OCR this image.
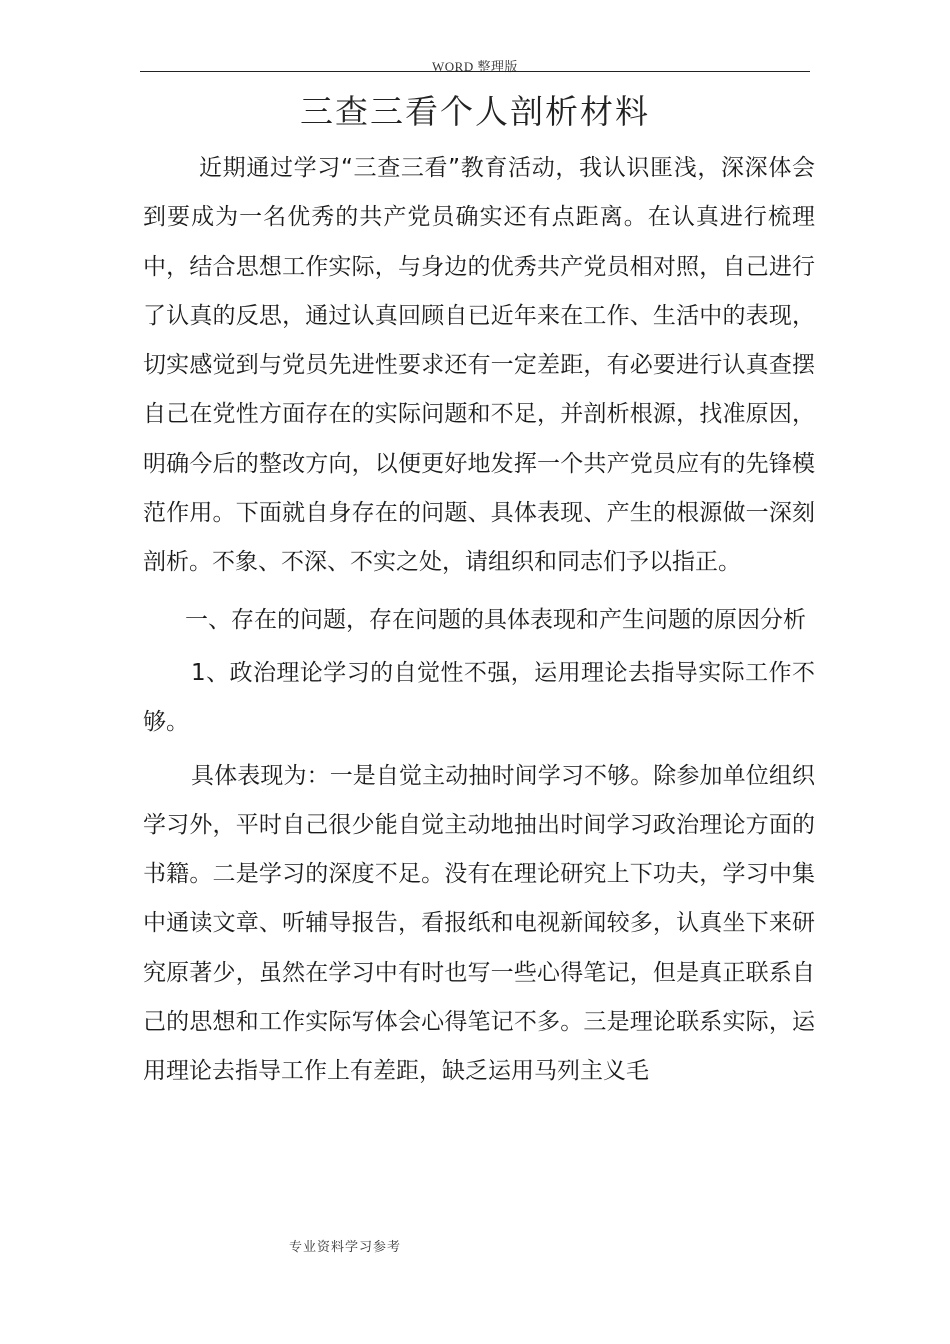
WORD 整理版
三查三看个人剖析材料

近期通过学习“三查三看”教育活动，我认识匪浅，深深体会到要成为一名优秀的共产党员确实还有点距离。在认真进行梳理中，结合思想工作实际，与身边的优秀共产党员相对照，自己进行了认真的反思，通过认真回顾自已近年来在工作、生活中的表现，切实感觉到与党员先进性要求还有一定差距，有必要进行认真查摆自己在党性方面存在的实际问题和不足，并剖析根源，找准原因，明确今后的整改方向，以便更好地发挥一个共产党员应有的先锋模范作用。下面就自身存在的问题、具体表现、产生的根源做一深刻剖析。不象、不深、不实之处，请组织和同志们予以指正。

一、存在的问题，存在问题的具体表现和产生问题的原因分析

1、政治理论学习的自觉性不强，运用理论去指导实际工作不够。

具体表现为：一是自觉主动抽时间学习不够。除参加单位组织学习外，平时自己很少能自觉主动地抽出时间学习政治理论方面的书籍。二是学习的深度不足。没有在理论研究上下功夫，学习中集中通读文章、听辅导报告，看报纸和电视新闻较多，认真坐下来研究原著少，虽然在学习中有时也写一些心得笔记，但是真正联系自己的思想和工作实际写体会心得笔记不多。三是理论联系实际，运用理论去指导工作上有差距，缺乏运用马列主义毛

专业资料学习参考
